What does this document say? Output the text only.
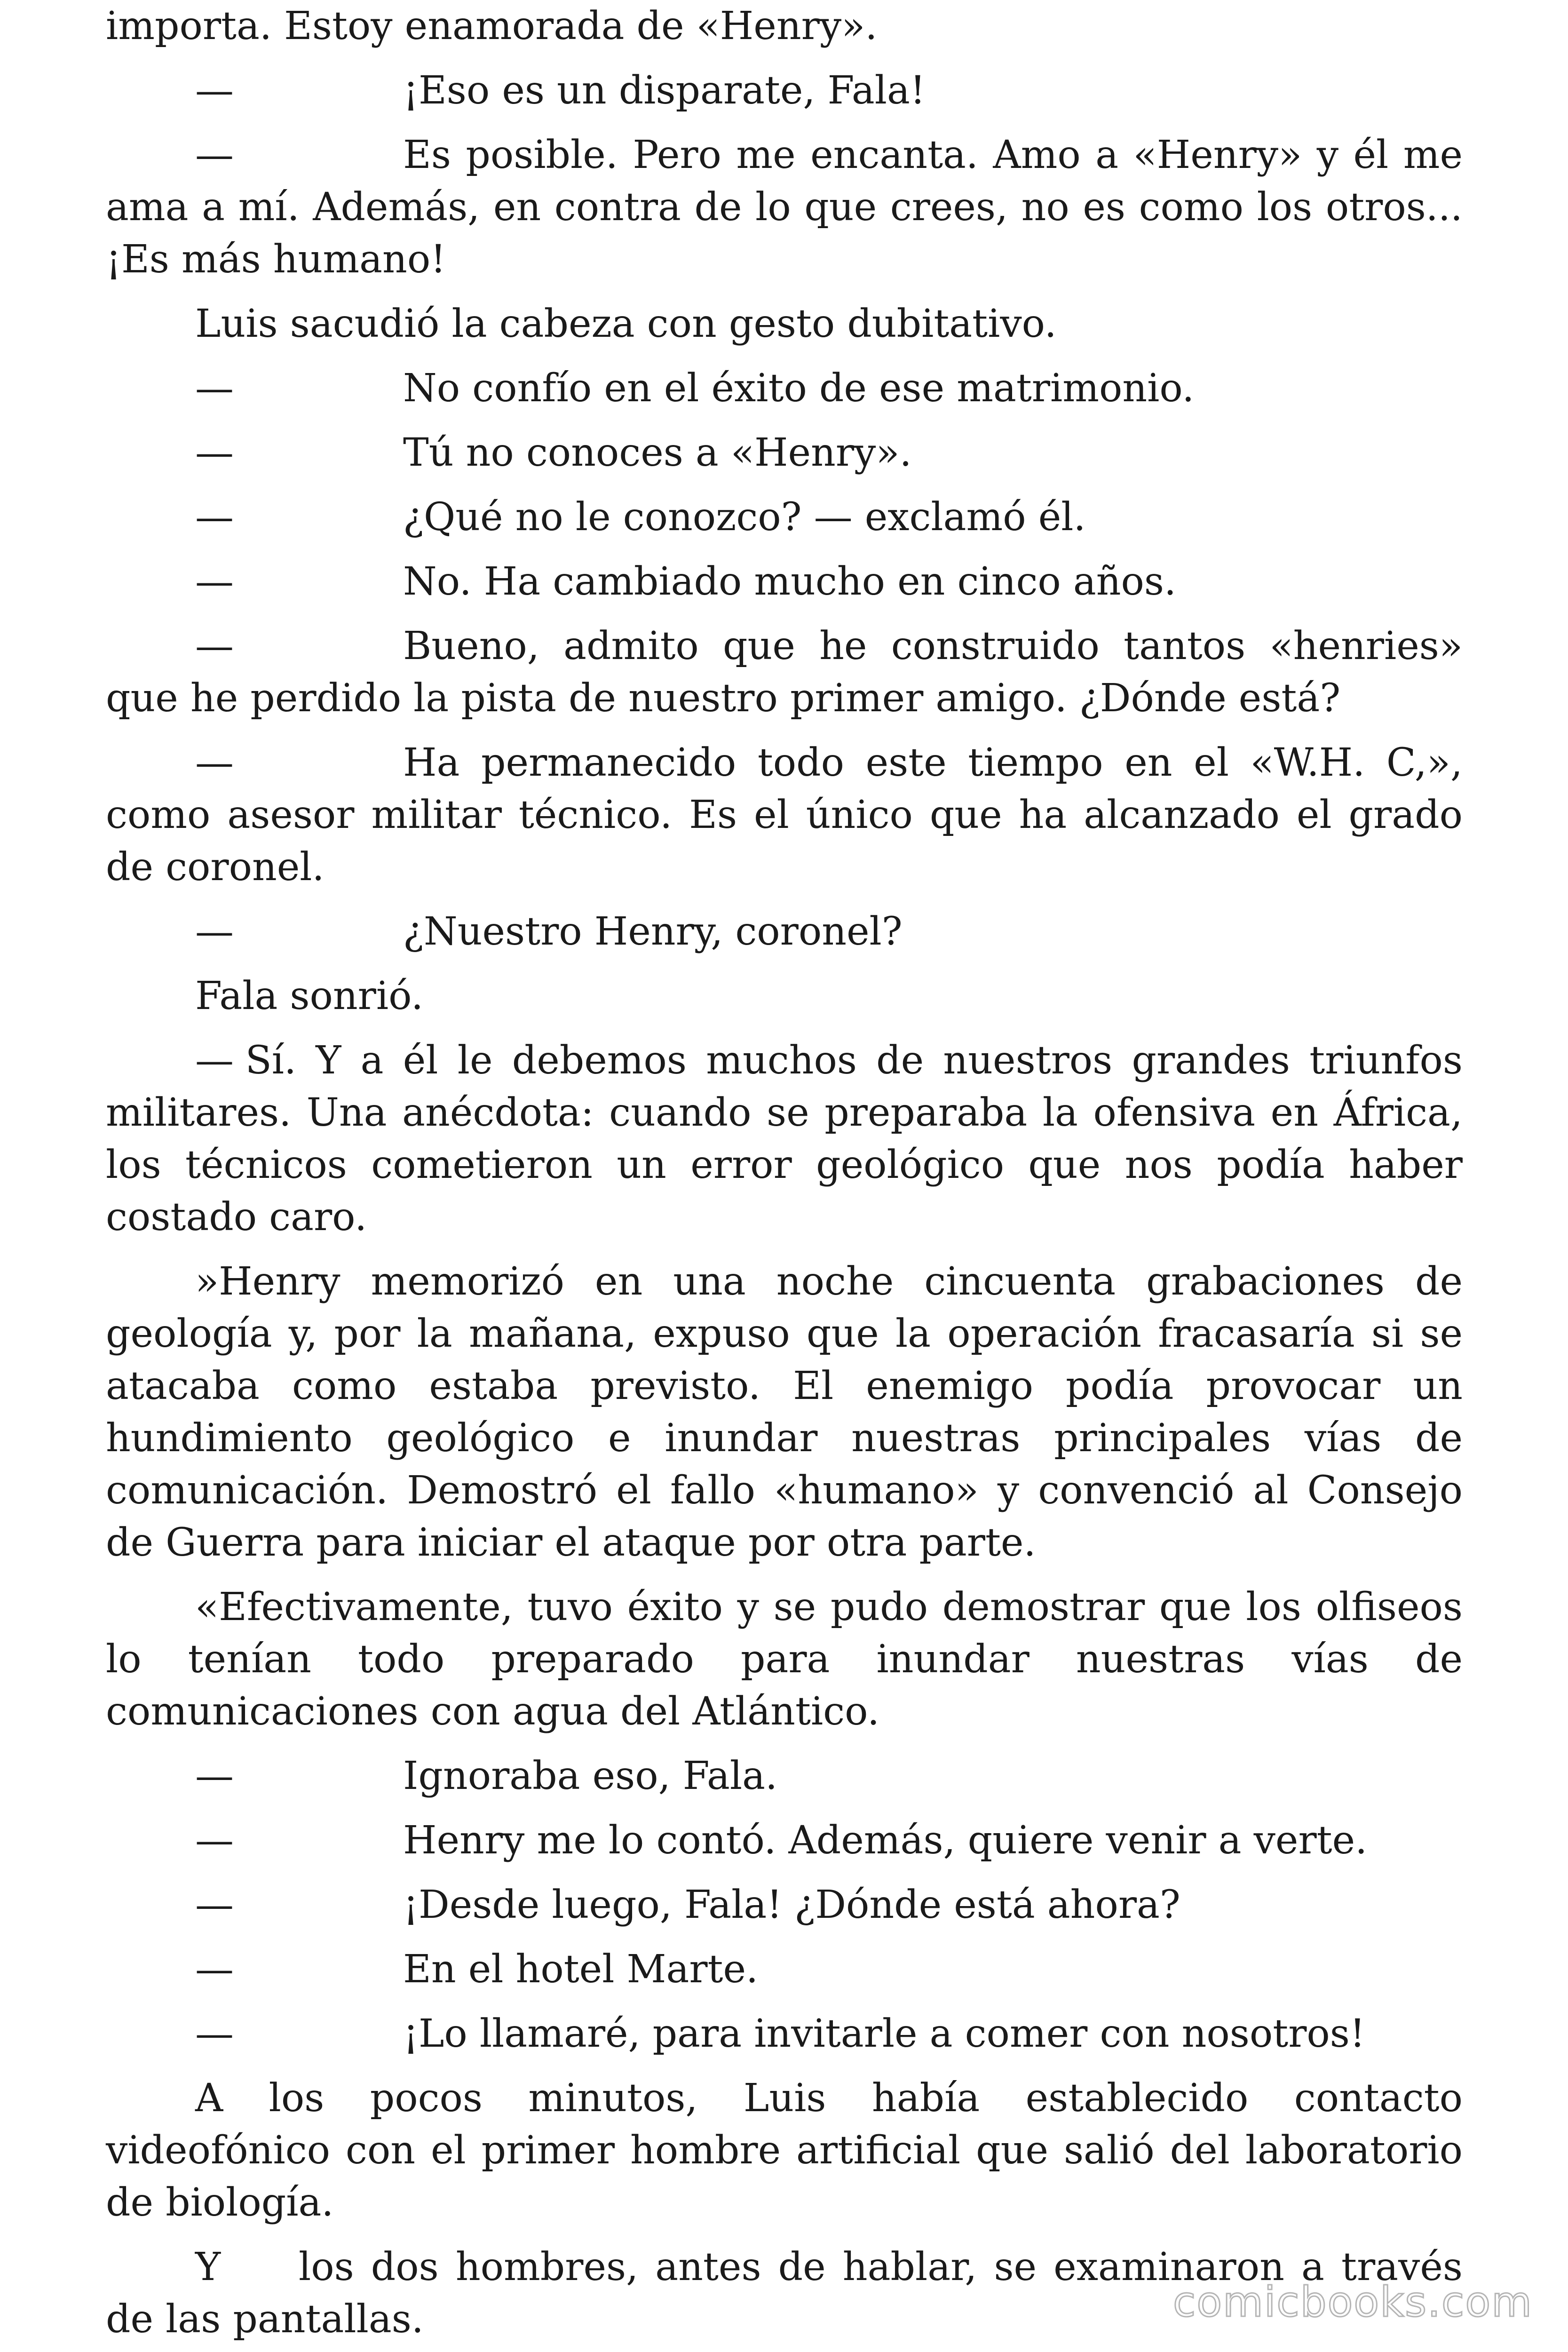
importa. Estoy enamorada de «Henry».

—	¡Eso es un disparate, Fala!

—	Es posible. Pero me encanta. Amo a «Henry» y él me ama a mí. Además, en contra de lo que crees, no es como los otros... ¡Es más humano!

Luis sacudió la cabeza con gesto dubitativo.

—	No confío en el éxito de ese matrimonio.

—	Tú no conoces a «Henry».

—	¿Qué no le conozco? — exclamó él.

—	No. Ha cambiado mucho en cinco años.

—	Bueno, admito que he construido tantos «henries» que he perdido la pista de nuestro primer amigo. ¿Dónde está?

—	Ha permanecido todo este tiempo en el «W.H. C,», como asesor militar técnico. Es el único que ha alcanzado el grado de coronel.

—	¿Nuestro Henry, coronel?

Fala sonrió.

— Sí. Y a él le debemos muchos de nuestros grandes triunfos militares. Una anécdota: cuando se preparaba la ofensiva en África, los técnicos cometieron un error geológico que nos podía haber costado caro.

»Henry memorizó en una noche cincuenta grabaciones de geología y, por la mañana, expuso que la operación fracasaría si se atacaba como estaba previsto. El enemigo podía provocar un hundimiento geológico e inundar nuestras principales vías de comunicación. Demostró el fallo «humano» y convenció al Consejo de Guerra para iniciar el ataque por otra parte.

«Efectivamente, tuvo éxito y se pudo demostrar que los olfiseos lo tenían todo preparado para inundar nuestras vías de comunicaciones con agua del Atlántico.

—	Ignoraba eso, Fala.

—	Henry me lo contó. Además, quiere venir a verte.

—	¡Desde luego, Fala! ¿Dónde está ahora?

—	En el hotel Marte.

—	¡Lo llamaré, para invitarle a comer con nosotros!

A los pocos minutos, Luis había establecido contacto videofónico con el primer hombre artificial que salió del laboratorio de biología.

Y los dos hombres, antes de hablar, se examinaron a través de las pantallas.	comicbooks.com
